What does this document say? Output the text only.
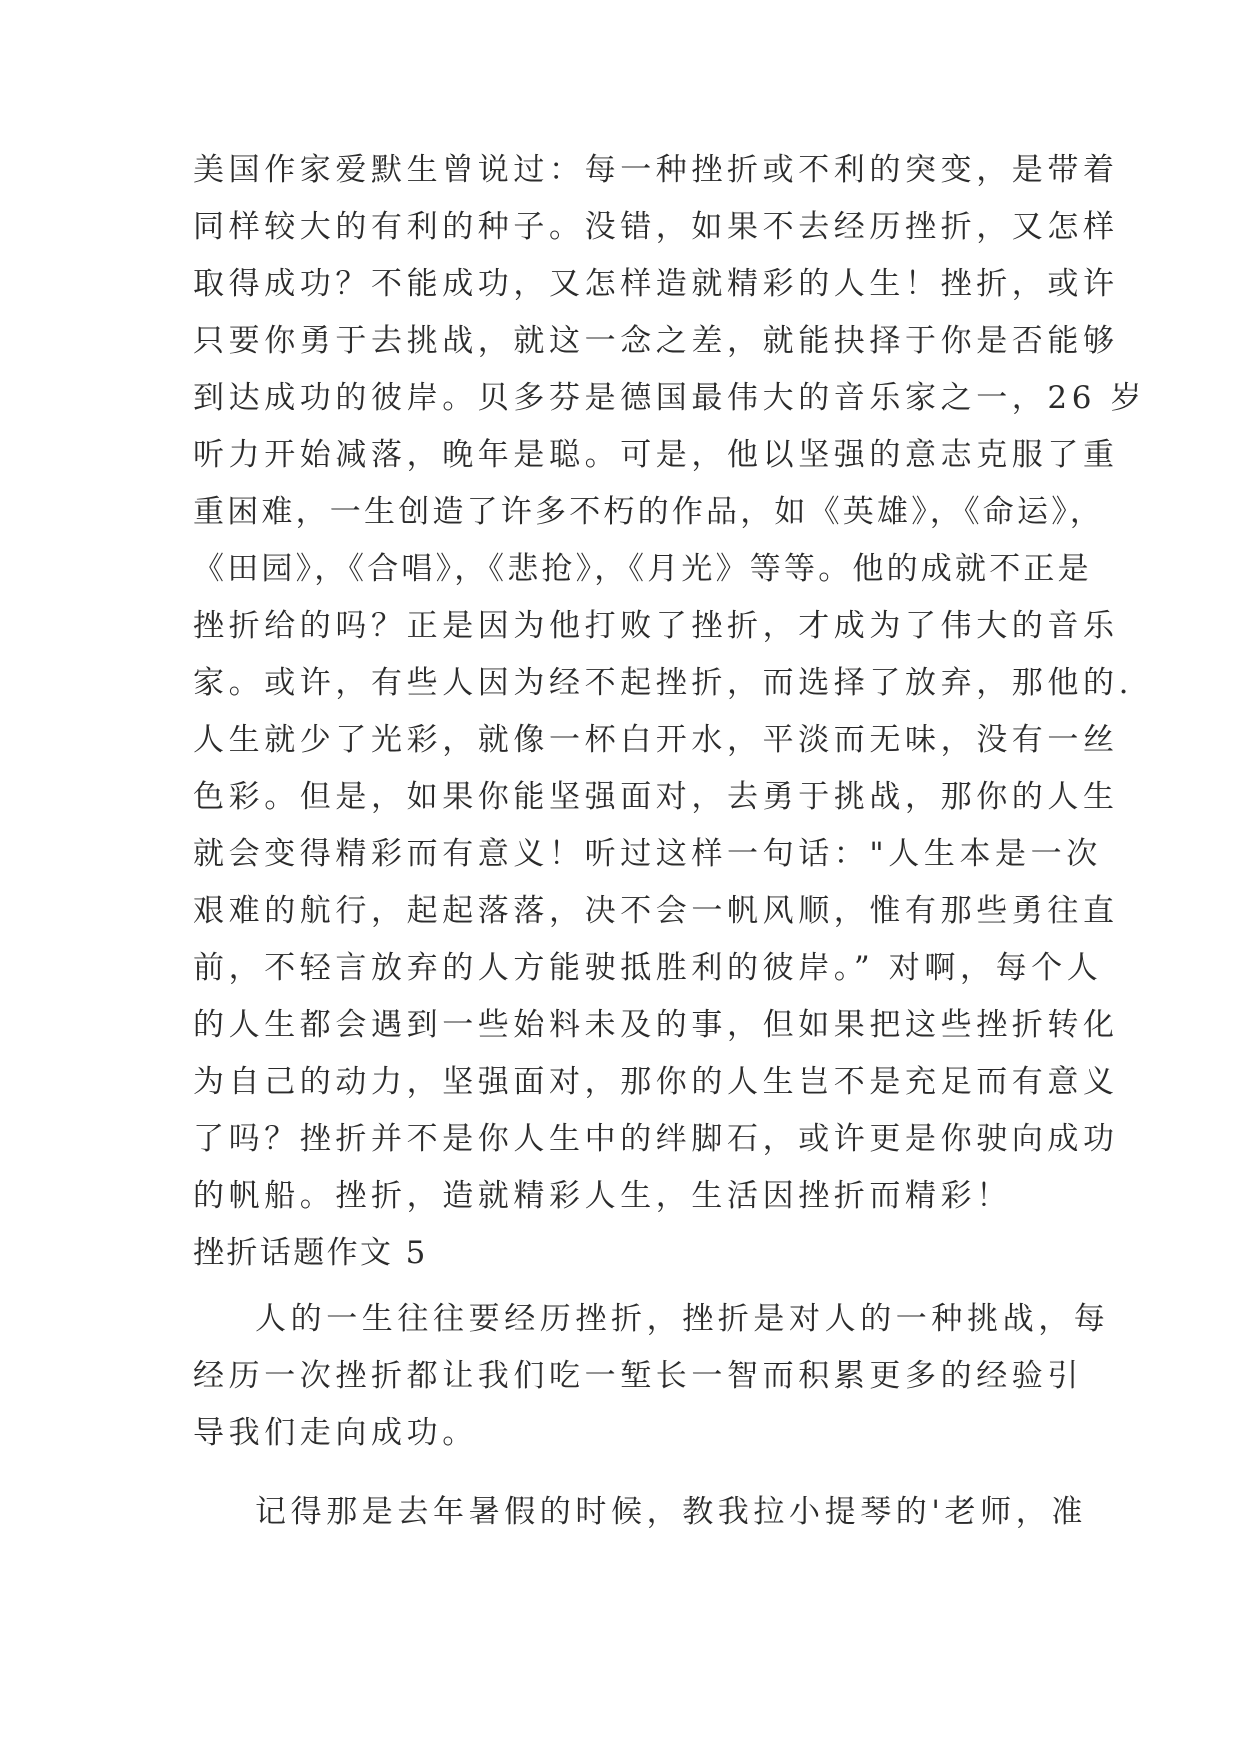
美国作家爱默生曾说过：每一种挫折或不利的突变，是带着
同样较大的有利的种子。没错，如果不去经历挫折，又怎样
取得成功？不能成功，又怎样造就精彩的人生！挫折，或许
只要你勇于去挑战，就这一念之差，就能抉择于你是否能够
到达成功的彼岸。贝多芬是德国最伟大的音乐家之一，26 岁
听力开始减落，晚年是聪。可是，他以坚强的意志克服了重
重困难，一生创造了许多不朽的作品，如《英雄》，《命运》，
《田园》，《合唱》，《悲抢》，《月光》等等。他的成就不正是
挫折给的吗？正是因为他打败了挫折，才成为了伟大的音乐
家。或许，有些人因为经不起挫折，而选择了放弃，那他的.
人生就少了光彩，就像一杯白开水，平淡而无味，没有一丝
色彩。但是，如果你能坚强面对，去勇于挑战，那你的人生
就会变得精彩而有意义！听过这样一句话："人生本是一次
艰难的航行，起起落落，决不会一帆风顺，惟有那些勇往直
前，不轻言放弃的人方能驶抵胜利的彼岸。” 对啊，每个人
的人生都会遇到一些始料未及的事，但如果把这些挫折转化
为自己的动力，坚强面对，那你的人生岂不是充足而有意义
了吗？挫折并不是你人生中的绊脚石，或许更是你驶向成功
的帆船。挫折，造就精彩人生，生活因挫折而精彩！
挫折话题作文 5
人的一生往往要经历挫折，挫折是对人的一种挑战，每
经历一次挫折都让我们吃一堑长一智而积累更多的经验引
导我们走向成功。
记得那是去年暑假的时候，教我拉小提琴的'老师，准
